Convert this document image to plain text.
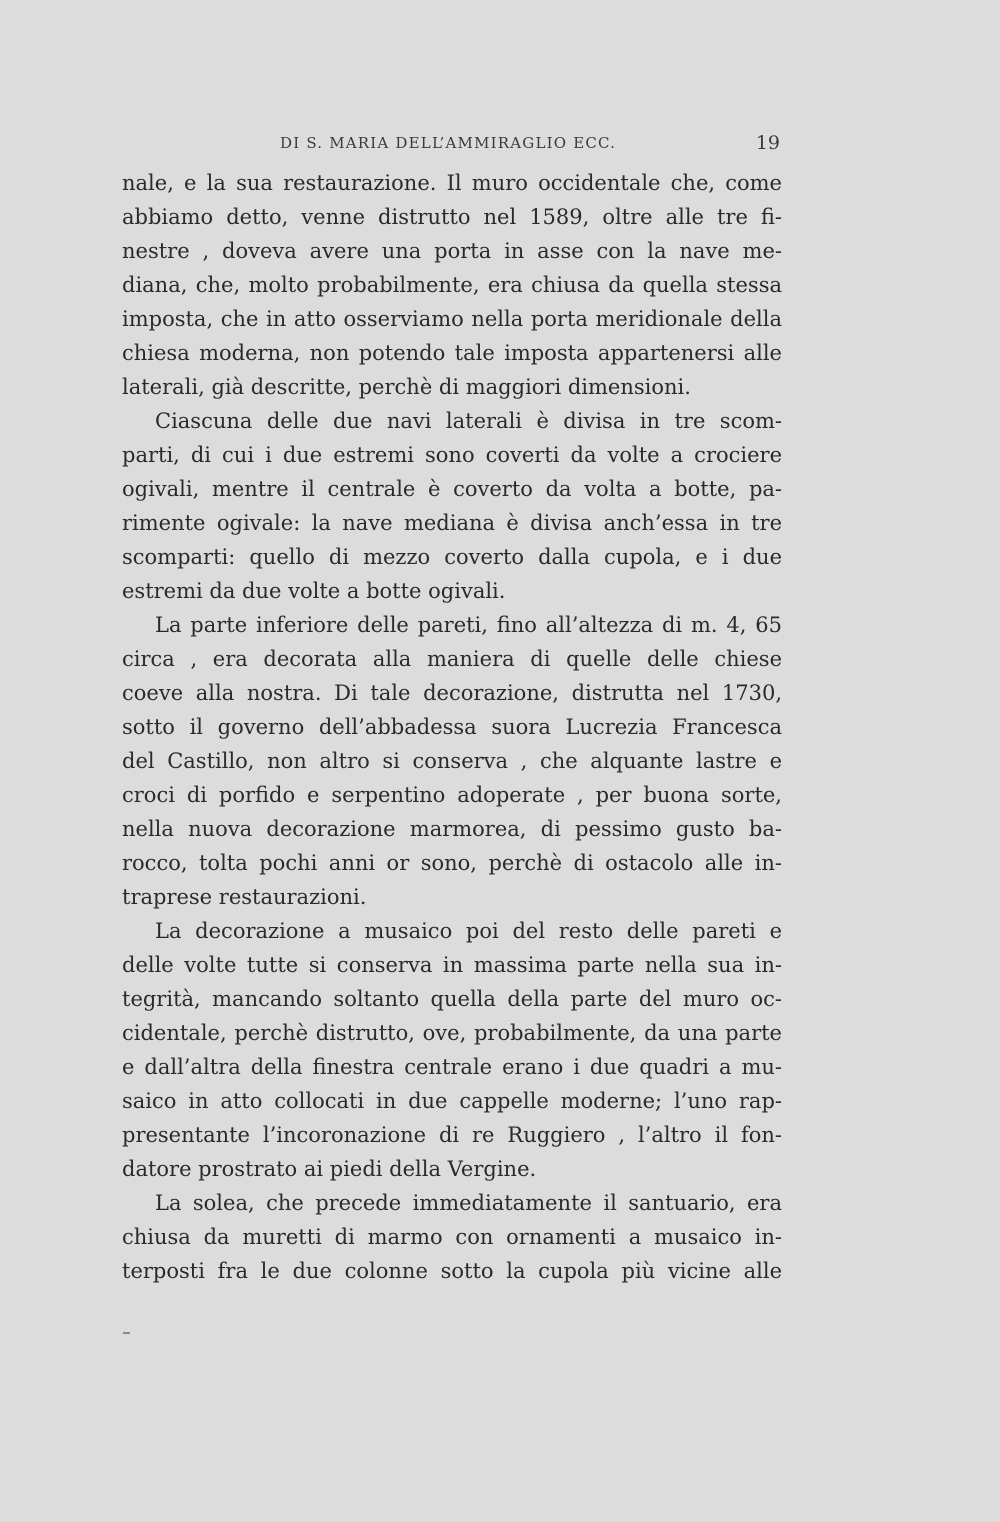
DI S. MARIA DELL’AMMIRAGLIO ECC.	19
nale, e la sua restaurazione. Il muro occidentale che, come
abbiamo detto, venne distrutto nel 1589, oltre alle tre fi-
nestre , doveva avere una porta in asse con la nave me-
diana, che, molto probabilmente, era chiusa da quella stessa
imposta, che in atto osserviamo nella porta meridionale della
chiesa moderna, non potendo tale imposta appartenersi alle
laterali, già descritte, perchè di maggiori dimensioni.
Ciascuna delle due navi laterali è divisa in tre scom-
parti, di cui i due estremi sono coverti da volte a crociere
ogivali, mentre il centrale è coverto da volta a botte, pa-
rimente ogivale: la nave mediana è divisa anch’essa in tre
scomparti: quello di mezzo coverto dalla cupola, e i due
estremi da due volte a botte ogivali.
La parte inferiore delle pareti, fino all’altezza di m. 4, 65
circa , era decorata alla maniera di quelle delle chiese
coeve alla nostra. Di tale decorazione, distrutta nel 1730,
sotto il governo dell’abbadessa suora Lucrezia Francesca
del Castillo, non altro si conserva , che alquante lastre e
croci di porfido e serpentino adoperate , per buona sorte,
nella nuova decorazione marmorea, di pessimo gusto ba-
rocco, tolta pochi anni or sono, perchè di ostacolo alle in-
traprese restaurazioni.
La decorazione a musaico poi del resto delle pareti e
delle volte tutte si conserva in massima parte nella sua in-
tegrità, mancando soltanto quella della parte del muro oc-
cidentale, perchè distrutto, ove, probabilmente, da una parte
e dall’altra della finestra centrale erano i due quadri a mu-
saico in atto collocati in due cappelle moderne; l’uno rap-
presentante l’incoronazione di re Ruggiero , l’altro il fon-
datore prostrato ai piedi della Vergine.
La solea, che precede immediatamente il santuario, era
chiusa da muretti di marmo con ornamenti a musaico in-
terposti fra le due colonne sotto la cupola più vicine alle
